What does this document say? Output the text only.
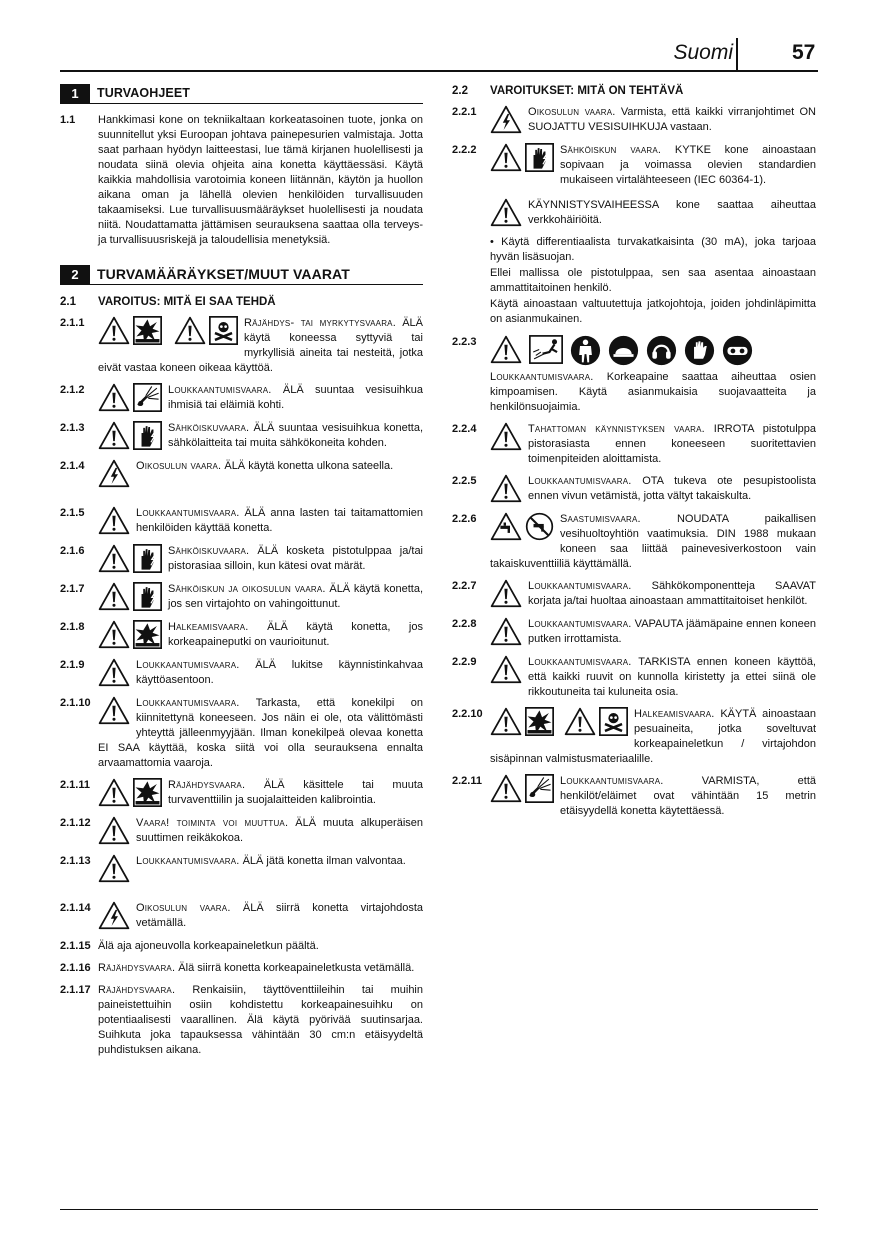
Suomi	57
1	TURVAOHJEET
1.1	Hankkimasi kone on tekniikaltaan korkeatasoinen tuote, jonka on suunnitellut yksi Euroopan johtava painepesurien valmistaja. Jotta saat parhaan hyödyn laitteestasi, lue tämä kirjanen huolellisesti ja noudata siinä olevia ohjeita aina konetta käyttäessäsi. Käytä kaikkia mahdollisia varotoimia koneen liitännän, käytön ja huollon aikana oman ja lähellä olevien henkilöiden turvallisuuden takaamiseksi. Lue turvallisuusmääräykset huolellisesti ja noudata niitä. Noudattamatta jättämisen seurauksena saattaa olla terveys- ja turvallisuusriskejä ja taloudellisia menetyksiä.
2	TURVAMÄÄRÄYKSET/MUUT VAARAT
2.1	VAROITUS: MITÄ EI SAA TEHDÄ
2.1.1	Räjähdys- tai myrkytysvaara. ÄLÄ käytä koneessa syttyviä tai myrkyllisiä aineita tai nesteitä, jotka eivät vastaa koneen oikeaa käyttöä.
2.1.2	Loukkaantumisvaara. ÄLÄ suuntaa vesisuihkua ihmisiä tai eläimiä kohti.
2.1.3	Sähköiskuvaara. ÄLÄ suuntaa vesisuihkua konetta, sähkölaitteita tai muita sähkökoneita kohden.
2.1.4	Oikosulun vaara. ÄLÄ käytä konetta ulkona sateella.
2.1.5	Loukkaantumisvaara. ÄLÄ anna lasten tai taitamattomien henkilöiden käyttää konetta.
2.1.6	Sähköiskuvaara. ÄLÄ kosketa pistotulppaa ja/tai pistorasiaa silloin, kun kätesi ovat märät.
2.1.7	Sähköiskun ja oikosulun vaara. ÄLÄ käytä konetta, jos sen virtajohto on vahingoittunut.
2.1.8	Halkeamisvaara. ÄLÄ käytä konetta, jos korkeapaineputki on vaurioitunut.
2.1.9	Loukkaantumisvaara. ÄLÄ lukitse käynnistinkahvaa käyttöasentoon.
2.1.10	Loukkaantumisvaara. Tarkasta, että konekilpi on kiinnitettynä koneeseen. Jos näin ei ole, ota välittömästi yhteyttä jälleenmyyjään. Ilman konekilpeä olevaa konetta EI SAA käyttää, koska siitä voi olla seurauksena ennalta arvaamattomia vaaroja.
2.1.11	Räjähdysvaara. ÄLÄ käsittele tai muuta turvaventtiilin ja suojalaitteiden kalibrointia.
2.1.12	Vaara! toiminta voi muuttua. ÄLÄ muuta alkuperäisen suuttimen reikäkokoa.
2.1.13	Loukkaantumisvaara. ÄLÄ jätä konetta ilman valvontaa.
2.1.14	Oikosulun vaara. ÄLÄ siirrä konetta virtajohdosta vetämällä.
2.1.15 Älä aja ajoneuvolla korkeapaineletkun päältä.
2.1.16 Räjähdysvaara. Älä siirrä konetta korkeapaineletkusta vetämällä.
2.1.17 Räjähdysvaara. Renkaisiin, täyttöventtiileihin tai muihin paineistettuihin osiin kohdistettu korkeapainesuihku on potentiaalisesti vaarallinen. Älä käytä pyörivää suutinsarjaa. Suihkuta joka tapauksessa vähintään 30 cm:n etäisyydeltä puhdistuksen aikana.
2.2	VAROITUKSET: MITÄ ON TEHTÄVÄ
2.2.1	Oikosulun vaara. Varmista, että kaikki virranjohtimet ON SUOJATTU VESISUIHKUJA vastaan.
2.2.2	Sähköiskun vaara. KYTKE kone ainoastaan sopivaan ja voimassa olevien standardien mukaiseen virtalähteeseen (IEC 60364-1).
KÄYNNISTYSVAIHEESSA kone saattaa aiheuttaa verkkohäiriöitä.
• Käytä differentiaalista turvakatkaisinta (30 mA), joka tarjoaa hyvän lisäsuojan.
Ellei mallissa ole pistotulppaa, sen saa asentaa ainoastaan ammattitaitoinen henkilö.
Käytä ainoastaan valtuutettuja jatkojohtoja, joiden johdinläpimitta on asianmukainen.
2.2.3
Loukkaantumisvaara. Korkeapaine saattaa aiheuttaa osien kimpoamisen. Käytä asianmukaisia suojavaatteita ja henkilönsuojaimia.
2.2.4	Tahattoman käynnistyksen vaara. IRROTA pistotulppa pistorasiasta ennen koneeseen suoritettavien toimenpiteiden aloittamista.
2.2.5	Loukkaantumisvaara. OTA tukeva ote pesupistoolista ennen vivun vetämistä, jotta vältyt takaiskulta.
2.2.6	Saastumisvaara. NOUDATA paikallisen vesihuoltoyhtiön vaatimuksia. DIN 1988 mukaan koneen saa liittää painevesiverkostoon vain takaiskuventtiiliä käyttämällä.
2.2.7	Loukkaantumisvaara. Sähkökomponentteja SAAVAT korjata ja/tai huoltaa ainoastaan ammattitaitoiset henkilöt.
2.2.8	Loukkaantumisvaara. VAPAUTA jäämäpaine ennen koneen putken irrottamista.
2.2.9	Loukkaantumisvaara. TARKISTA ennen koneen käyttöä, että kaikki ruuvit on kunnolla kiristetty ja ettei siinä ole rikkoutuneita tai kuluneita osia.
2.2.10	Halkeamisvaara. KÄYTÄ ainoastaan pesuaineita, jotka soveltuvat korkeapaineletkun / virtajohdon sisäpinnan valmistusmateriaalille.
2.2.11	Loukkaantumisvaara. VARMISTA, että henkilöt/eläimet ovat vähintään 15 metrin etäisyydellä konetta käytettäessä.
